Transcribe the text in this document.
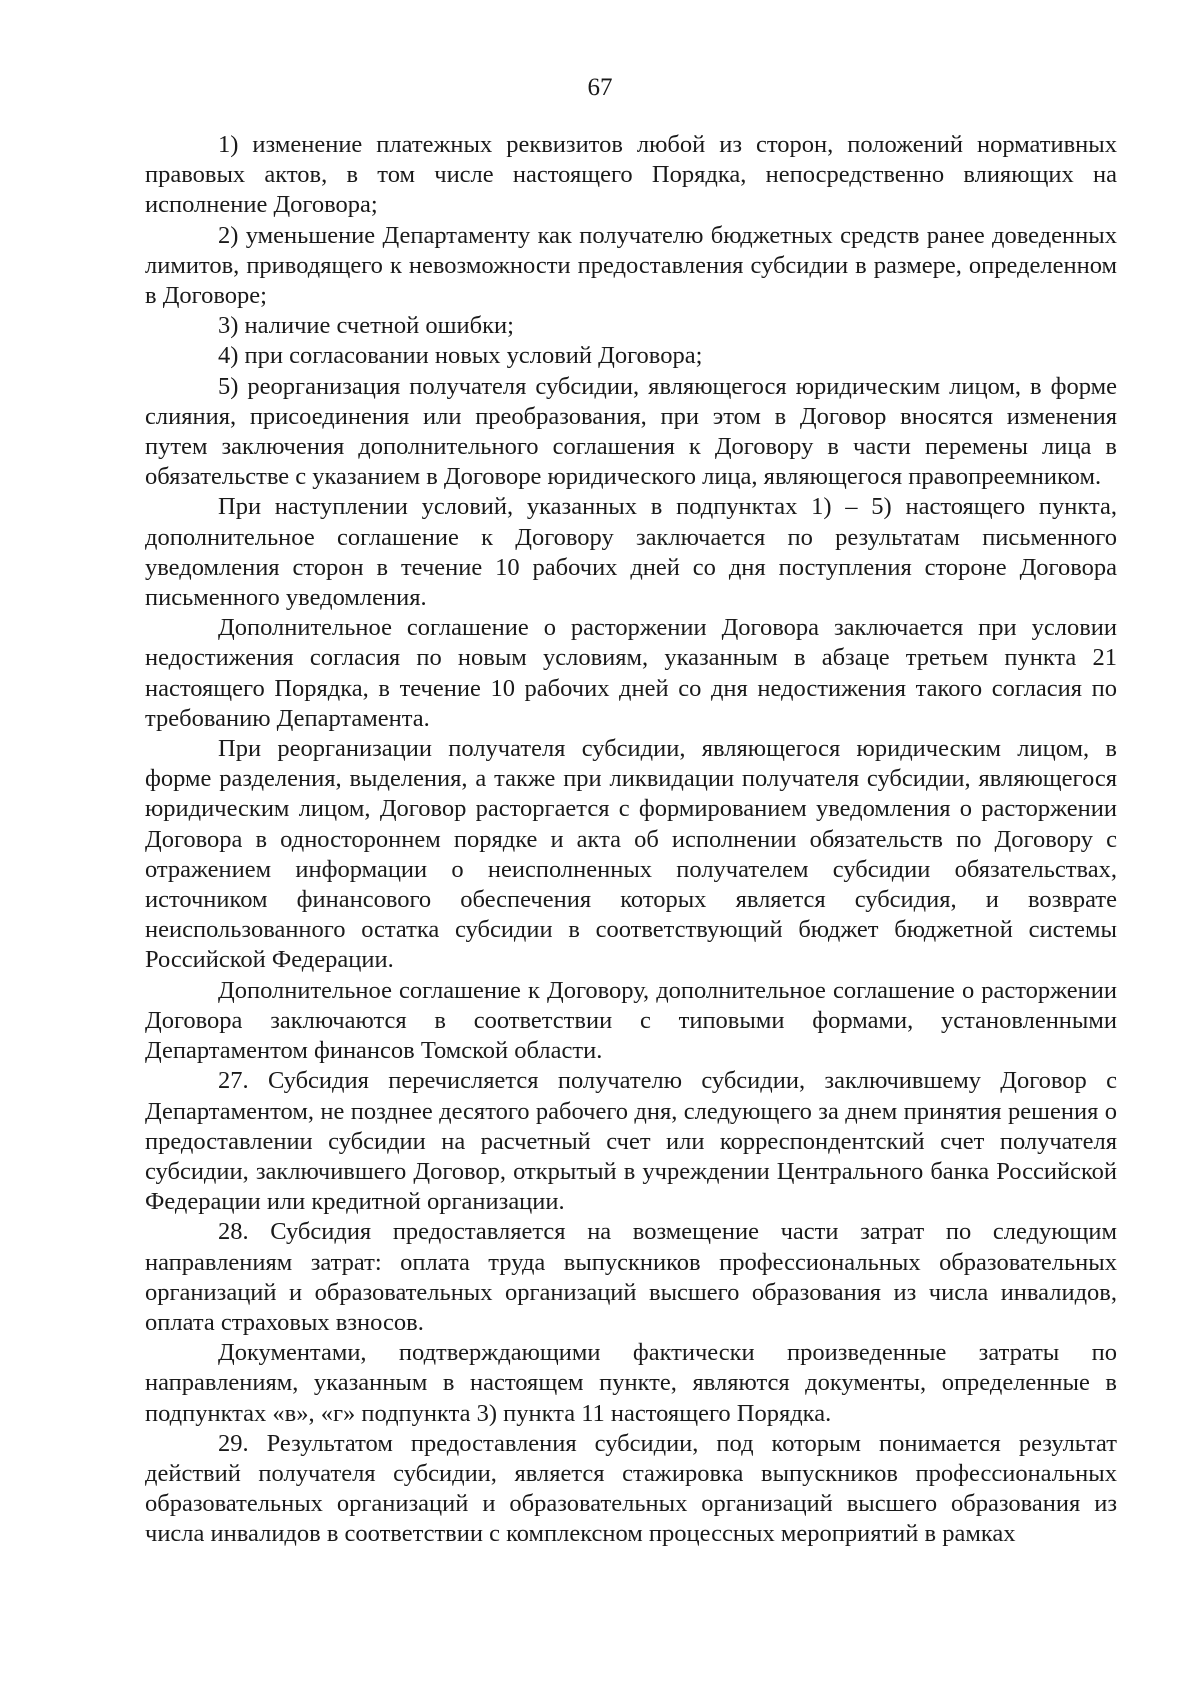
67

1) изменение платежных реквизитов любой из сторон, положений нормативных правовых актов, в том числе настоящего Порядка, непосредственно влияющих на исполнение Договора;

2) уменьшение Департаменту как получателю бюджетных средств ранее доведенных лимитов, приводящего к невозможности предоставления субсидии в размере, определенном в Договоре;

3) наличие счетной ошибки;

4) при согласовании новых условий Договора;

5) реорганизация получателя субсидии, являющегося юридическим лицом, в форме слияния, присоединения или преобразования, при этом в Договор вносятся изменения путем заключения дополнительного соглашения к Договору в части перемены лица в обязательстве с указанием в Договоре юридического лица, являющегося правопреемником.

При наступлении условий, указанных в подпунктах 1) – 5) настоящего пункта, дополнительное соглашение к Договору заключается по результатам письменного уведомления сторон в течение 10 рабочих дней со дня поступления стороне Договора письменного уведомления.

Дополнительное соглашение о расторжении Договора заключается при условии недостижения согласия по новым условиям, указанным в абзаце третьем пункта 21 настоящего Порядка, в течение 10 рабочих дней со дня недостижения такого согласия по требованию Департамента.

При реорганизации получателя субсидии, являющегося юридическим лицом, в форме разделения, выделения, а также при ликвидации получателя субсидии, являющегося юридическим лицом, Договор расторгается с формированием уведомления о расторжении Договора в одностороннем порядке и акта об исполнении обязательств по Договору с отражением информации о неисполненных получателем субсидии обязательствах, источником финансового обеспечения которых является субсидия, и возврате неиспользованного остатка субсидии в соответствующий бюджет бюджетной системы Российской Федерации.

Дополнительное соглашение к Договору, дополнительное соглашение о расторжении Договора заключаются в соответствии с типовыми формами, установленными Департаментом финансов Томской области.

27. Субсидия перечисляется получателю субсидии, заключившему Договор с Департаментом, не позднее десятого рабочего дня, следующего за днем принятия решения о предоставлении субсидии на расчетный счет или корреспондентский счет получателя субсидии, заключившего Договор, открытый в учреждении Центрального банка Российской Федерации или кредитной организации.

28. Субсидия предоставляется на возмещение части затрат по следующим направлениям затрат: оплата труда выпускников профессиональных образовательных организаций и образовательных организаций высшего образования из числа инвалидов, оплата страховых взносов.

Документами, подтверждающими фактически произведенные затраты по направлениям, указанным в настоящем пункте, являются документы, определенные в подпунктах «в», «г» подпункта 3) пункта 11 настоящего Порядка.

29. Результатом предоставления субсидии, под которым понимается результат действий получателя субсидии, является стажировка выпускников профессиональных образовательных организаций и образовательных организаций высшего образования из числа инвалидов в соответствии с комплексном процессных мероприятий в рамках
